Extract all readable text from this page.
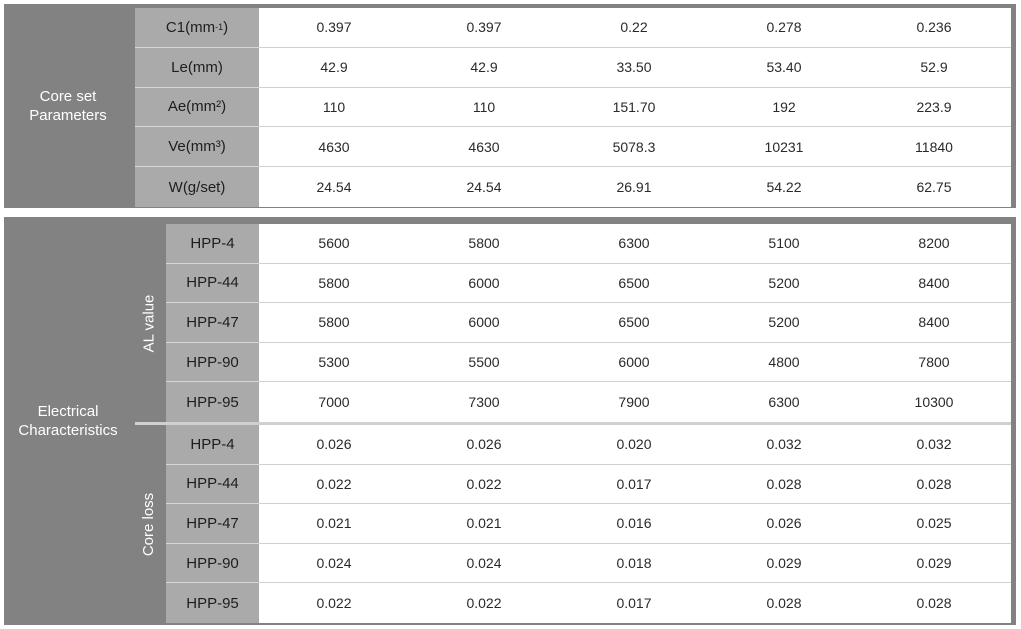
Core set
Parameters
C1(mm -1 )	0.397	0.397	0.22	0.278	0.236
Le(mm)	42.9	42.9	33.50	53.40	52.9
Ae(mm²)	110	110	151.70	192	223.9
Ve(mm³)	4630	4630	5078.3	10231	11840
W(g/set)	24.54	24.54	26.91	54.22	62.75
Electrical
Characteristics
AL value
Core loss
HPP-4	5600	5800	6300	5100	8200
HPP-44	5800	6000	6500	5200	8400
HPP-47	5800	6000	6500	5200	8400
HPP-90	5300	5500	6000	4800	7800
HPP-95	7000	7300	7900	6300	10300
HPP-4	0.026	0.026	0.020	0.032	0.032
HPP-44	0.022	0.022	0.017	0.028	0.028
HPP-47	0.021	0.021	0.016	0.026	0.025
HPP-90	0.024	0.024	0.018	0.029	0.029
HPP-95	0.022	0.022	0.017	0.028	0.028
